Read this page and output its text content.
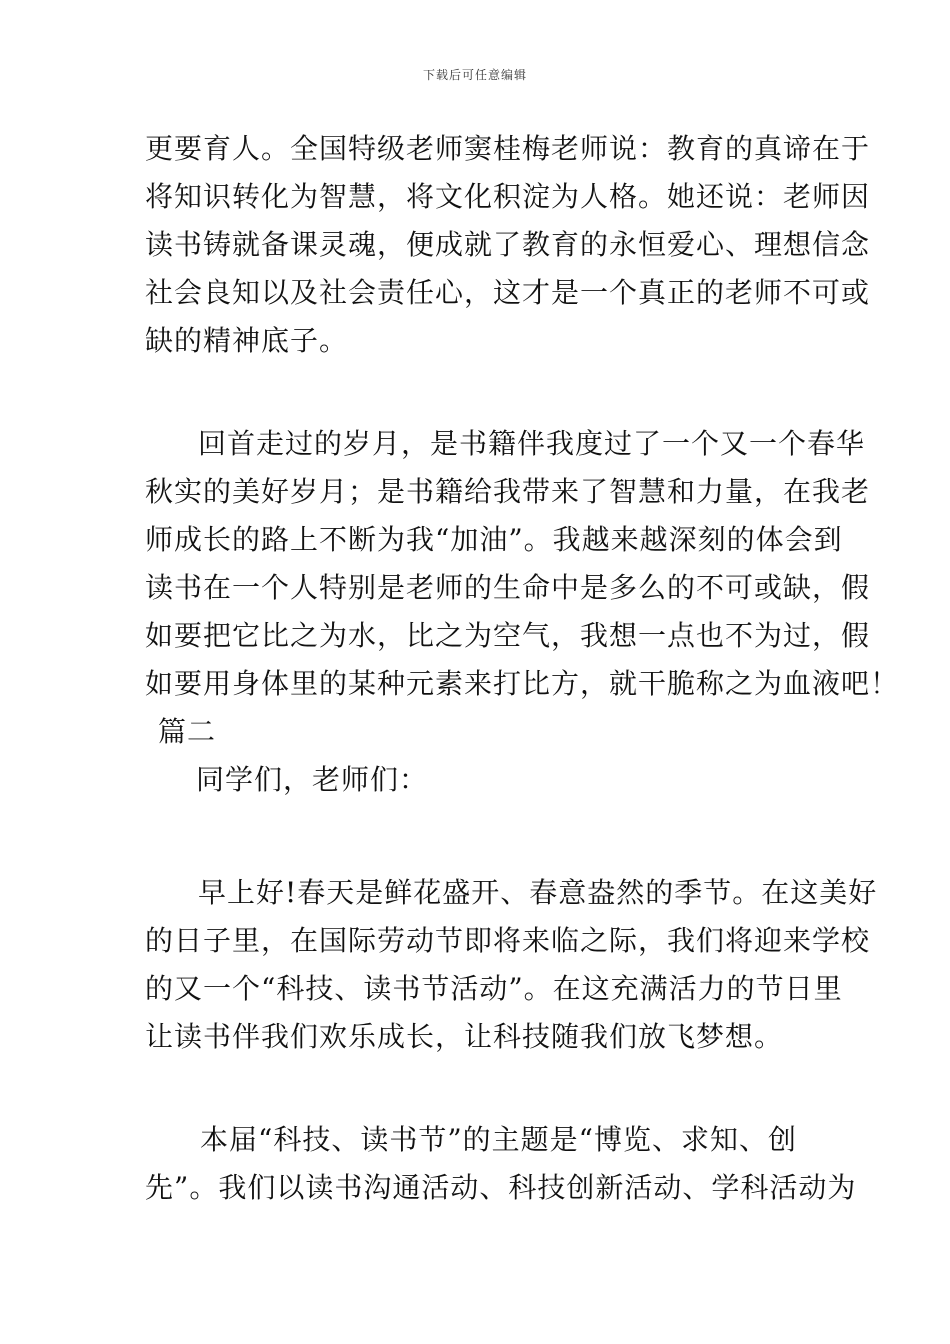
下载后可任意编辑
更要育人。全国特级老师窦桂梅老师说：教育的真谛在于
将知识转化为智慧，将文化积淀为人格。她还说：老师因
读书铸就备课灵魂，便成就了教育的永恒爱心、理想信念
社会良知以及社会责任心，这才是一个真正的老师不可或
缺的精神底子。
回首走过的岁月，是书籍伴我度过了一个又一个春华
秋实的美好岁月；是书籍给我带来了智慧和力量，在我老
师成长的路上不断为我“加油”。我越来越深刻的体会到
读书在一个人特别是老师的生命中是多么的不可或缺，假
如要把它比之为水，比之为空气，我想一点也不为过，假
如要用身体里的某种元素来打比方，就干脆称之为血液吧！
篇二
同学们，老师们：
早上好!春天是鲜花盛开、春意盎然的季节。在这美好
的日子里，在国际劳动节即将来临之际，我们将迎来学校
的又一个“科技、读书节活动”。在这充满活力的节日里
让读书伴我们欢乐成长，让科技随我们放飞梦想。
本届“科技、读书节”的主题是“博览、求知、创
先”。我们以读书沟通活动、科技创新活动、学科活动为
